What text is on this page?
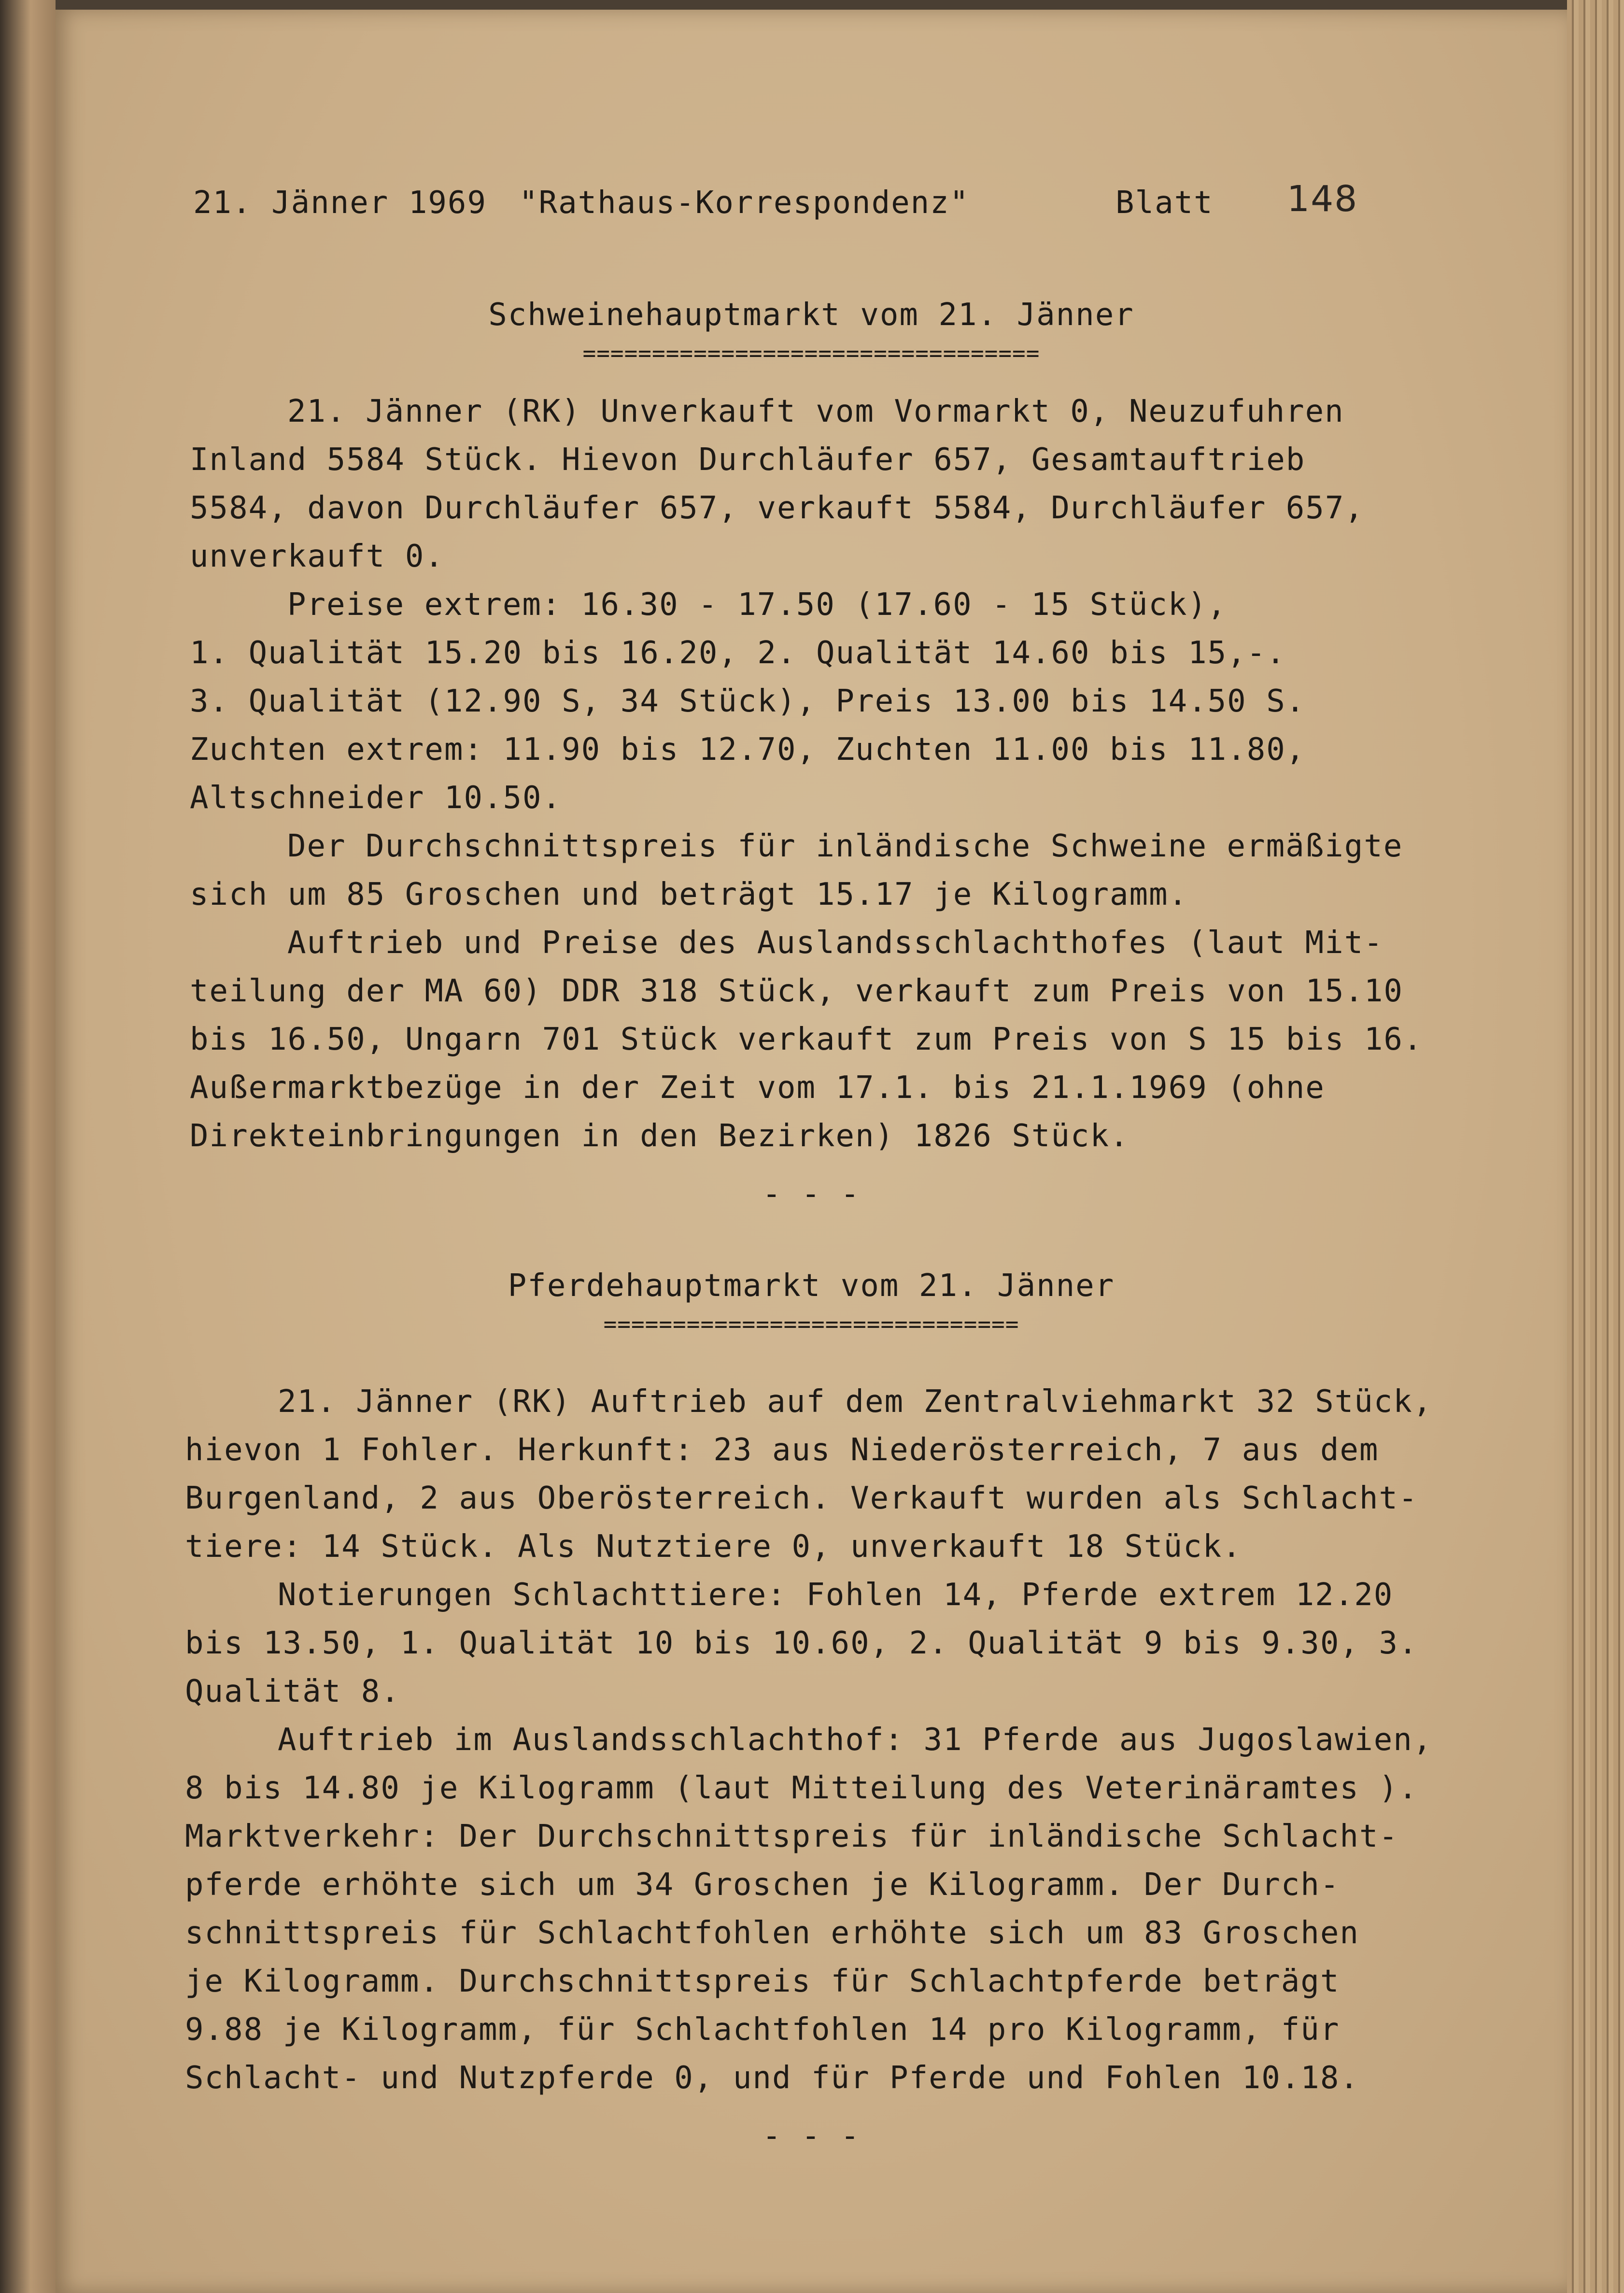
21. Jänner 1969 "Rathaus-Korrespondenz"	Blatt 148
Schweinehauptmarkt vom 21. Jänner
=================================
21. Jänner (RK) Unverkauft vom Vormarkt 0, Neuzufuhren
Inland 5584 Stück. Hievon Durchläufer 657, Gesamtauftrieb
5584, davon Durchläufer 657, verkauft 5584, Durchläufer 657,
unverkauft 0.
Preise extrem: 16.30 - 17.50 (17.60 - 15 Stück),
1. Qualität 15.20 bis 16.20, 2. Qualität 14.60 bis 15,-.
3. Qualität (12.90 S, 34 Stück), Preis 13.00 bis 14.50 S.
Zuchten extrem: 11.90 bis 12.70, Zuchten 11.00 bis 11.80,
Altschneider 10.50.
Der Durchschnittspreis für inländische Schweine ermäßigte
sich um 85 Groschen und beträgt 15.17 je Kilogramm.
Auftrieb und Preise des Auslandsschlachthofes (laut Mit-
teilung der MA 60) DDR 318 Stück, verkauft zum Preis von 15.10
bis 16.50, Ungarn 701 Stück verkauft zum Preis von S 15 bis 16.
Außermarktbezüge in der Zeit vom 17.1. bis 21.1.1969 (ohne
Direkteinbringungen in den Bezirken) 1826 Stück.
- - -
Pferdehauptmarkt vom 21. Jänner
==============================
21. Jänner (RK) Auftrieb auf dem Zentralviehmarkt 32 Stück,
hievon 1 Fohler. Herkunft: 23 aus Niederösterreich, 7 aus dem
Burgenland, 2 aus Oberösterreich. Verkauft wurden als Schlacht-
tiere: 14 Stück. Als Nutztiere 0, unverkauft 18 Stück.
Notierungen Schlachttiere: Fohlen 14, Pferde extrem 12.20
bis 13.50, 1. Qualität 10 bis 10.60, 2. Qualität 9 bis 9.30, 3.
Qualität 8.
Auftrieb im Auslandsschlachthof: 31 Pferde aus Jugoslawien,
8 bis 14.80 je Kilogramm (laut Mitteilung des Veterinäramtes ).
Marktverkehr: Der Durchschnittspreis für inländische Schlacht-
pferde erhöhte sich um 34 Groschen je Kilogramm. Der Durch-
schnittspreis für Schlachtfohlen erhöhte sich um 83 Groschen
je Kilogramm. Durchschnittspreis für Schlachtpferde beträgt
9.88 je Kilogramm, für Schlachtfohlen 14 pro Kilogramm, für
Schlacht- und Nutzpferde 0, und für Pferde und Fohlen 10.18.
- - -
